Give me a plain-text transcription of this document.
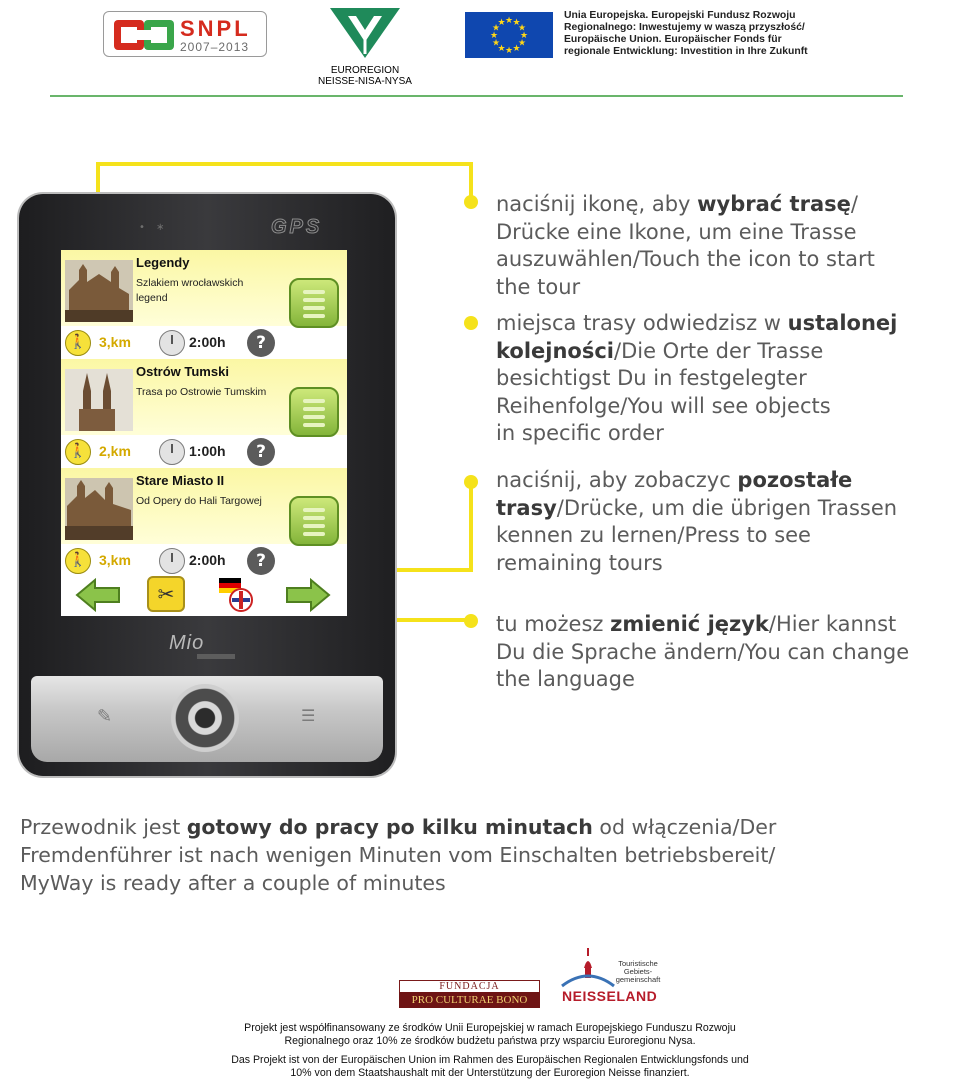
SNPL
2007–2013
EUROREGION
NEISSE-NISA-NYSA
★ ★
★
★
★
★
★
★
★
★
★
★
Unia Europejska. Europejski Fundusz Rozwoju
Regionalnego: Inwestujemy w waszą przyszłość/
Europäische Union. Europäischer Fonds für
regionale Entwicklung: Investition in Ihre Zukunft
• ∗	GPS
Legendy
Szlakiem wrocławskich legend
🚶 3,km	2:00h	?
Ostrów Tumski
Trasa po Ostrowie Tumskim
🚶 2,km	1:00h	?
Stare Miasto II
Od Opery do Hali Targowej
🚶 3,km	2:00h	?
✂
Mio
✎	☰
naciśnij ikonę, aby wybrać trasę/
Drücke eine Ikone, um eine Trasse
auszuwählen/Touch the icon to start
the tour
miejsca trasy odwiedzisz w ustalonej
kolejności/Die Orte der Trasse
besichtigst Du in festgelegter
Reihenfolge/You will see objects
in specific order
naciśnij, aby zobaczyc pozostałe
trasy/Drücke, um die übrigen Trassen
kennen zu lernen/Press to see
remaining tours
tu możesz zmienić język/Hier kannst
Du die Sprache ändern/You can change
the language
Przewodnik jest gotowy do pracy po kilku minutach od włączenia/Der
Fremdenführer ist nach wenigen Minuten vom Einschalten betriebsbereit/
MyWay is ready after a couple of minutes
FUNDACJA
PRO CULTURAE BONO
Touristische Gebiets- gemeinschaft
NEISSELAND
Projekt jest współfinansowany ze środków Unii Europejskiej w ramach Europejskiego Funduszu Rozwoju
Regionalnego oraz 10% ze środków budżetu państwa przy wsparciu Euroregionu Nysa.
Das Projekt ist von der Europäischen Union im Rahmen des Europäischen Regionalen Entwicklungsfonds und
10% von dem Staatshaushalt mit der Unterstützung der Euroregion Neisse finanziert.
